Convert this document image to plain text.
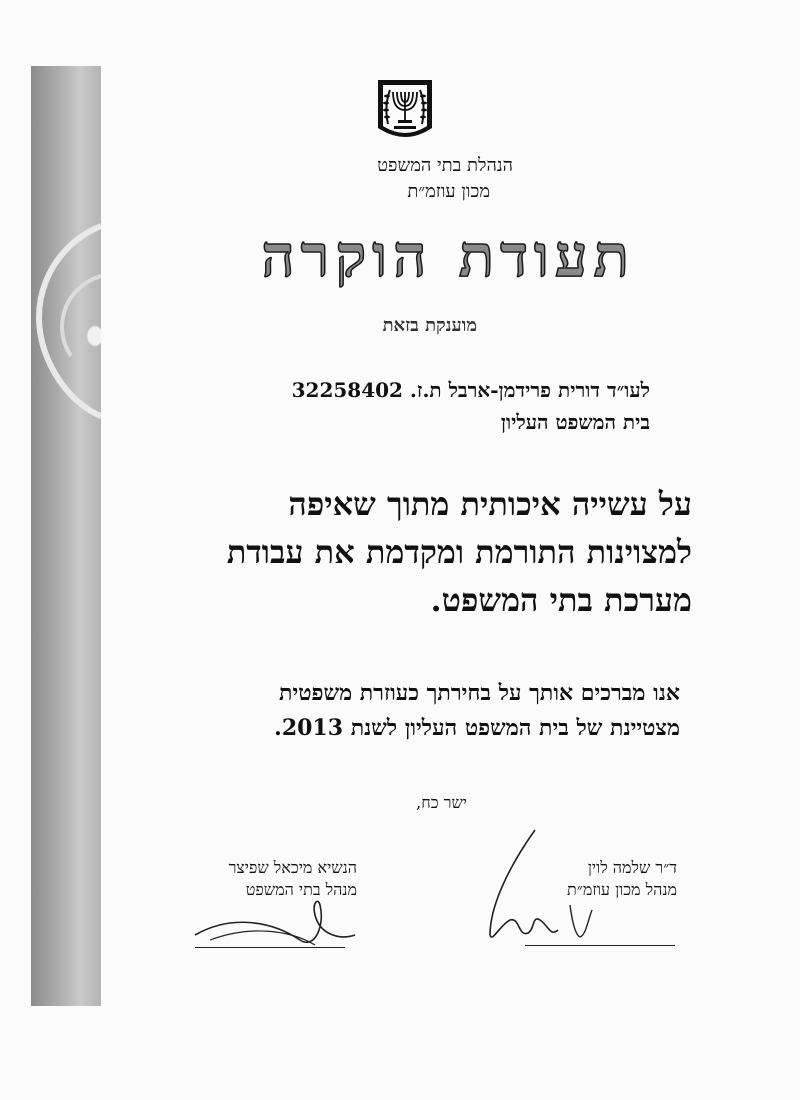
הנהלת בתי המשפט

מכון עוזמ״ת

תעודת הוקרה

מוענקת בזאת

לעו״ד דורית פרידמן-ארבל ת.ז. 32258402

בית המשפט העליון

על עשייה איכותית מתוך שאיפה

למצוינות התורמת ומקדמת את עבודת

מערכת בתי המשפט.

אנו מברכים אותך על בחירתך כעוזרת משפטית

מצטיינת של בית המשפט העליון לשנת 2013.

ישר כח,

הנשיא מיכאל שפיצר

מנהל בתי המשפט

ד״ר שלמה לוין

מנהל מכון עוזמ״ת
